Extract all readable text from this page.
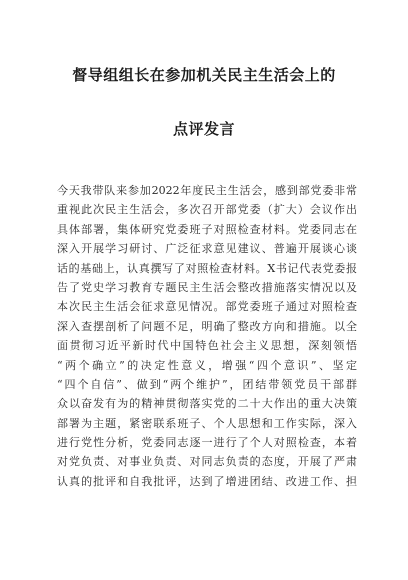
督导组组长在参加机关民主生活会上的
点评发言
今天我带队来参加2022年度民主生活会，感到部党委非常
重视此次民主生活会，多次召开部党委（扩大）会议作出
具体部署，集体研究党委班子对照检查材料。党委同志在
深入开展学习研讨、广泛征求意见建议、普遍开展谈心谈
话的基础上，认真撰写了对照检查材料。X书记代表党委报
告了党史学习教育专题民主生活会整改措施落实情况以及
本次民主生活会征求意见情况。部党委班子通过对照检查
深入查摆剖析了问题不足，明确了整改方向和措施。以全
面贯彻习近平新时代中国特色社会主义思想，深刻领悟
“两个确立”的决定性意义，增强“四个意识”、坚定
“四个自信”、做到“两个维护”，团结带领党员干部群
众以奋发有为的精神贯彻落实党的二十大作出的重大决策
部署为主题，紧密联系班子、个人思想和工作实际，深入
进行党性分析，党委同志逐一进行了个人对照检查，本着
对党负责、对事业负责、对同志负责的态度，开展了严肃
认真的批评和自我批评，达到了增进团结、改进工作、担
